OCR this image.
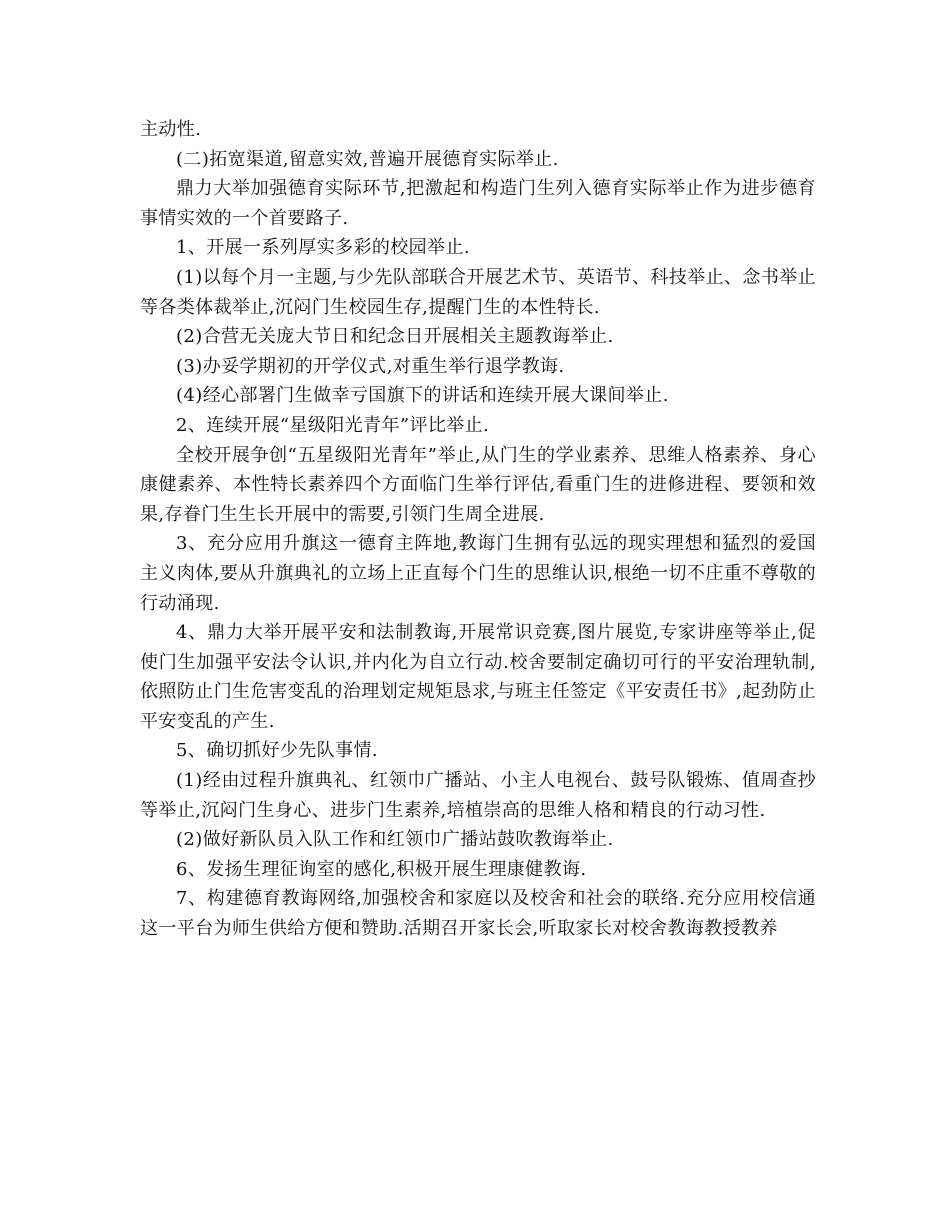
主动性.

(二)拓宽渠道,留意实效,普遍开展德育实际举止.

鼎力大举加强德育实际环节,把激起和构造门生列入德育实际举止作为进步德育事情实效的一个首要路子.

1、开展一系列厚实多彩的校园举止.

(1)以每个月一主题,与少先队部联合开展艺术节、英语节、科技举止、念书举止等各类体裁举止,沉闷门生校园生存,提醒门生的本性特长.

(2)合营无关庞大节日和纪念日开展相关主题教诲举止.

(3)办妥学期初的开学仪式,对重生举行退学教诲.

(4)经心部署门生做幸亏国旗下的讲话和连续开展大课间举止.

2、连续开展“星级阳光青年”评比举止.

全校开展争创“五星级阳光青年”举止,从门生的学业素养、思维人格素养、身心康健素养、本性特长素养四个方面临门生举行评估,看重门生的进修进程、要领和效果,存眷门生生长开展中的需要,引领门生周全进展.

3、充分应用升旗这一德育主阵地,教诲门生拥有弘远的现实理想和猛烈的爱国主义肉体,要从升旗典礼的立场上正直每个门生的思维认识,根绝一切不庄重不尊敬的行动涌现.

4、鼎力大举开展平安和法制教诲,开展常识竞赛,图片展览,专家讲座等举止,促使门生加强平安法令认识,并内化为自立行动.校舍要制定确切可行的平安治理轨制,依照防止门生危害变乱的治理划定规矩恳求,与班主任签定《平安责任书》,起劲防止平安变乱的产生.

5、确切抓好少先队事情.

(1)经由过程升旗典礼、红领巾广播站、小主人电视台、鼓号队锻炼、值周查抄等举止,沉闷门生身心、进步门生素养,培植崇高的思维人格和精良的行动习性.

(2)做好新队员入队工作和红领巾广播站鼓吹教诲举止.

6、发扬生理征询室的感化,积极开展生理康健教诲.

7、构建德育教诲网络,加强校舍和家庭以及校舍和社会的联络.充分应用校信通这一平台为师生供给方便和赞助.活期召开家长会,听取家长对校舍教诲教授教养
